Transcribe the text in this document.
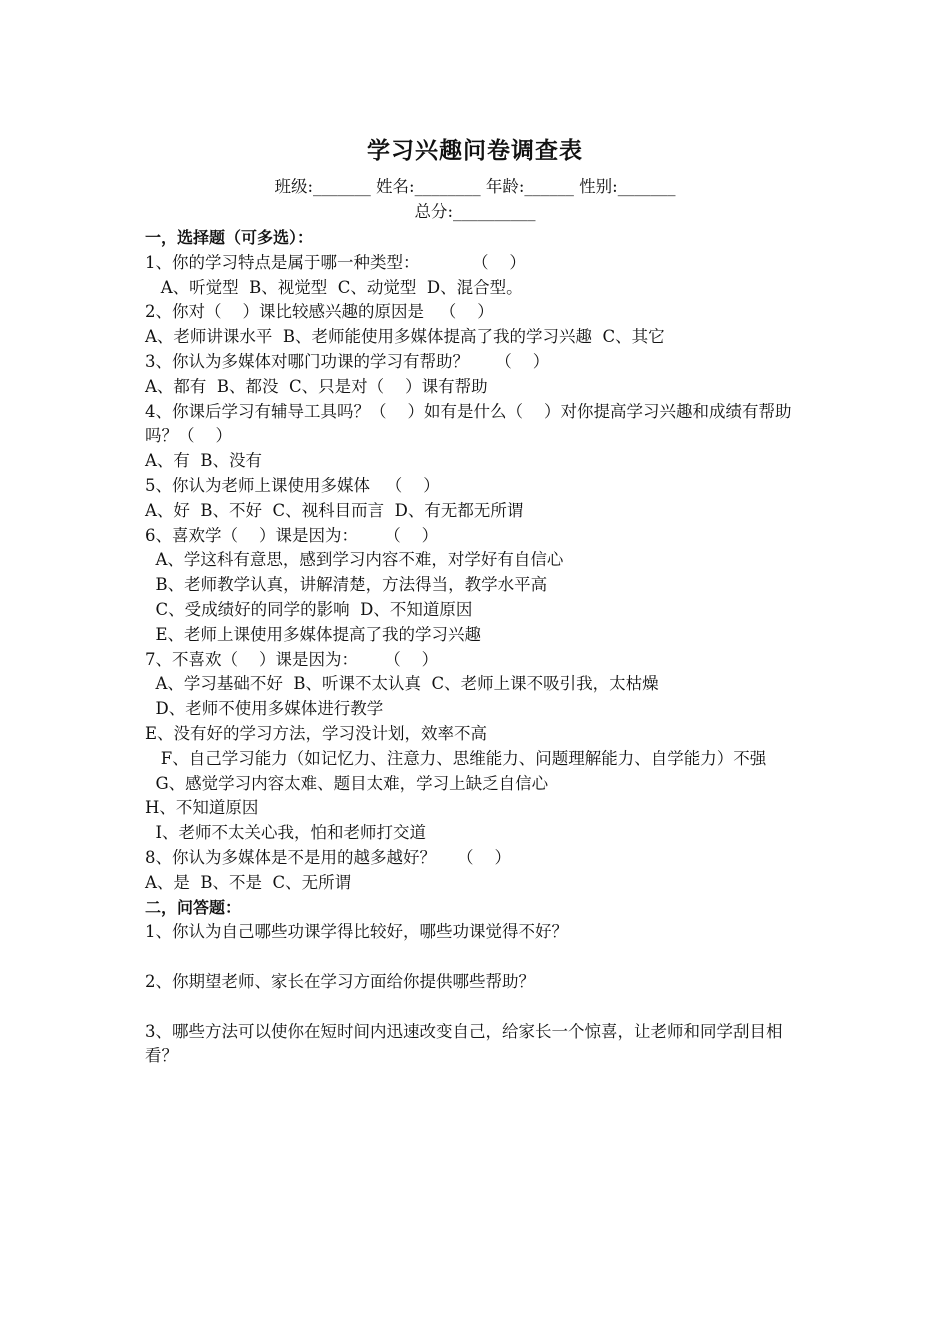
学习兴趣问卷调查表
班级:_______ 姓名:________ 年龄:______ 性别:_______
总分:__________

一，选择题（可多选）：

1、你的学习特点是属于哪一种类型：          （    ）

A、听觉型  B、视觉型  C、动觉型  D、混合型。

2、你对（    ）课比较感兴趣的原因是   （    ）

A、老师讲课水平  B、老师能使用多媒体提高了我的学习兴趣  C、其它

3、你认为多媒体对哪门功课的学习有帮助？     （    ）

A、都有  B、都没  C、只是对（    ）课有帮助

4、你课后学习有辅导工具吗？（    ）如有是什么（    ）对你提高学习兴趣和成绩有帮助吗？（    ）

A、有  B、没有

5、你认为老师上课使用多媒体   （    ）

A、好  B、不好  C、视科目而言  D、有无都无所谓

6、喜欢学（    ）课是因为：     （    ）

A、学这科有意思，感到学习内容不难，对学好有自信心

B、老师教学认真，讲解清楚，方法得当，教学水平高

C、受成绩好的同学的影响  D、不知道原因

E、老师上课使用多媒体提高了我的学习兴趣

7、不喜欢（    ）课是因为：     （    ）

A、学习基础不好  B、听课不太认真  C、老师上课不吸引我，太枯燥

D、老师不使用多媒体进行教学

E、没有好的学习方法，学习没计划，效率不高

F、自己学习能力（如记忆力、注意力、思维能力、问题理解能力、自学能力）不强

G、感觉学习内容太难、题目太难，学习上缺乏自信心

H、不知道原因

I、老师不太关心我，怕和老师打交道

8、你认为多媒体是不是用的越多越好？    （    ）

A、是  B、不是  C、无所谓

二，问答题：

1、你认为自己哪些功课学得比较好，哪些功课觉得不好？

2、你期望老师、家长在学习方面给你提供哪些帮助？

3、哪些方法可以使你在短时间内迅速改变自己，给家长一个惊喜，让老师和同学刮目相看？
